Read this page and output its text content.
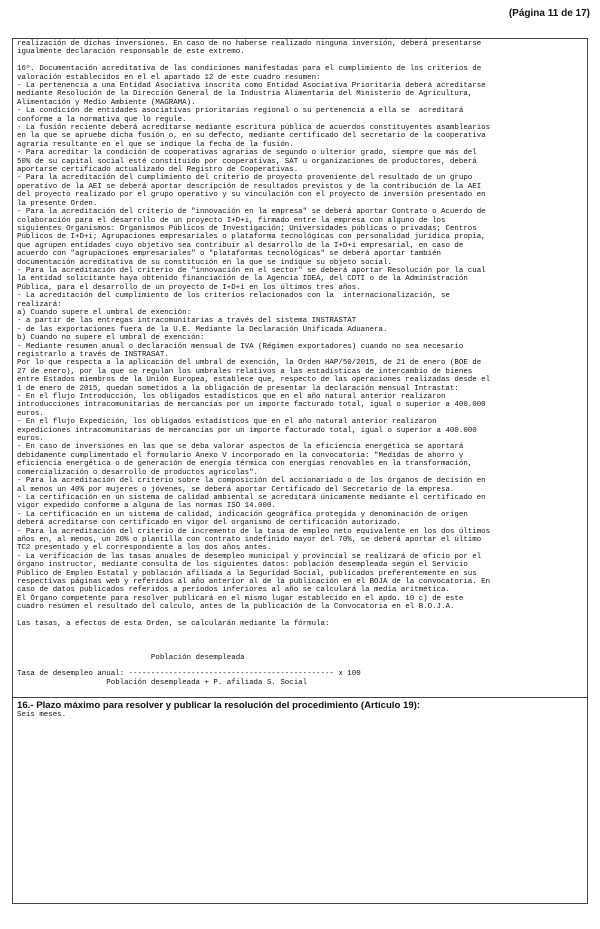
(Página 11 de 17)
realización de dichas inversiones. En caso de no haberse realizado ninguna inversión, deberá presentarse
igualmente declaración responsable de este extremo.
16º. Documentación acreditativa de las condiciones manifestadas para el cumplimiento de los criterios de
valoración establecidos en el el apartado 12 de este cuadro resumen:
- La pertenencia a una Entidad Asociativa inscrita como Entidad Asociativa Prioritaria deberá acreditarse
mediante Resolución de la Dirección General de la Industria Alimentaria del Ministerio de Agricultura,
Alimentación y Medio Ambiente (MAGRAMA).
- La condición de entidades asociativas prioritarias regional o su pertenencia a ella se  acreditará
conforme a la normativa que lo regule.
- La fusión reciente deberá acreditarse mediante escritura pública de acuerdos constituyentes asamblearios
en la que se apruebe dicha fusión o, en su defecto, mediante certificado del secretario de la cooperativa
agraria resultante en el que se indique la fecha de la fusión.
- Para acreditar la condición de cooperativas agrarias de segundo o ulterior grado, siempre que más del
50% de su capital social esté constituido por cooperativas, SAT u organizaciones de productores, deberá
aportarse certificado actualizado del Registro de Cooperativas.
- Para la acreditación del cumplimiento del criterio de proyecto proveniente del resultado de un grupo
operativo de la AEI se deberá aportar descripción de resultados previstos y de la contribución de la AEI
del proyecto realizado por el grupo operativo y su vinculación con el proyecto de inversión presentado en
la presente Orden.
- Para la acreditación del criterio de "innovación en la empresa" se deberá aportar Contrato o Acuerdo de
colaboración para el desarrollo de un proyecto I+D+i, firmado entre la empresa con alguno de los
siguientes Organismos: Organismos Públicos de Investigación; Universidades públicas o privadas; Centros
Públicos de I+D+i; Agrupaciones empresariales o plataforma tecnológicas con personalidad jurídica propia,
que agrupen entidades cuyo objetivo sea contribuir al desarrollo de la I+D+i empresarial, en caso de
acuerdo con "agrupaciones empresariales" o "plataformas tecnológicas" se deberá aportar también
documentación acreditativa de su constitución en la que se indique su objeto social.
- Para la acreditación del criterio de "innovación en el sector" se deberá aportar Resolución por la cual
la entidad solicitante haya obtenido financiación de la Agencia IDEA, del CDTI o de la Administración
Pública, para el desarrollo de un proyecto de I+D+i en los últimos tres años.
- La acreditación del cumplimiento de los criterios relacionados con la  internacionalización, se
realizará:
a) Cuando supere el umbral de exención:
- a partir de las entregas intracomunitarias a través del sistema INSTRASTAT
- de las exportaciones fuera de la U.E. Mediante la Declaración Unificada Aduanera.
b) Cuando no supere el umbral de exención:
- Mediante resumen anual o declaración mensual de IVA (Régimen exportadores) cuando no sea necesario
registrarlo a través de INSTRASAT.
Por lo que respecta a la aplicación del umbral de exención, la Orden HAP/50/2015, de 21 de enero (BOE de
27 de enero), por la que se regulan los umbrales relativos a las estadísticas de intercambio de bienes
entre Estados miembros de la Unión Europea, establece que, respecto de las operaciones realizadas desde el
1 de enero de 2015, quedan sometidos a la obligación de presentar la declaración mensual Intrastat:
- En el flujo Introducción, los obligados estadísticos que en el año natural anterior realizaron
introducciones intracomunitarias de mercancías por un importe facturado total, igual o superior a 400.000
euros.
- En el flujo Expedición, los obligados estadísticos que en el año natural anterior realizaron
expediciones intracomunitarias de mercancías por un importe facturado total, igual o superior a 400.000
euros.
- En caso de inversiones en las que se deba valorar aspectos de la eficiencia energética se aportará
debidamente cumplimentado el formulario Anexo V incorporado en la convocatoria: "Medidas de ahorro y
eficiencia energética o de generación de energía térmica con energías renovables en la transformación,
comercialización o desarrollo de productos agrícolas".
- Para la acreditación del criterio sobre la composición del accionariado o de los órganos de decisión en
al menos un 40% por mujeres o jóvenes, se deberá aportar Certificado del Secretario de la empresa.
- La certificación en un sistema de calidad ambiental se acreditará únicamente mediante el certificado en
vigor expedido conforme a alguna de las normas ISO 14.000.
- La certificación en un sistema de calidad, indicación geográfica protegida y denominación de origen
deberá acreditarse con certificado en vigor del organismo de certificación autorizado.
- Para la acreditación del criterio de incremento de la tasa de empleo neto equivalente en los dos últimos
años en, al menos, un 20% o plantilla con contrato indefinido mayor del 70%, se deberá aportar el último
TC2 presentado y el correspondiente a los dos años antes.
- La verificación de las tasas anuales de desempleo municipal y provincial se realizará de oficio por el
órgano instructor, mediante consulta de los siguientes datos: población desempleada según el Servicio
Público de Empleo Estatal y población afiliada a la Seguridad Social, publicados preferentemente en sus
respectivas páginas web y referidos al año anterior al de la publicación en el BOJA de la convocatoria. En
caso de datos publicados referidos a períodos inferiores al año se calculará la media aritmética.
El Órgano competente para resolver publicará en el mismo lugar establecido en el apdo. 10 c) de este
cuadro resúmen el resultado del calculo, antes de la publicación de la Convocatoria en el B.O.J.A.
Las tasas, a efectos de esta Orden, se calcularán mediante la fórmula:
Población desempleada
Tasa de desempleo anual: ---------------------------------------------- x 100
Población desempleada + P. afiliada S. Social
16.- Plazo máximo para resolver y publicar la resolución del procedimiento (Artículo 19):
Seis meses.
